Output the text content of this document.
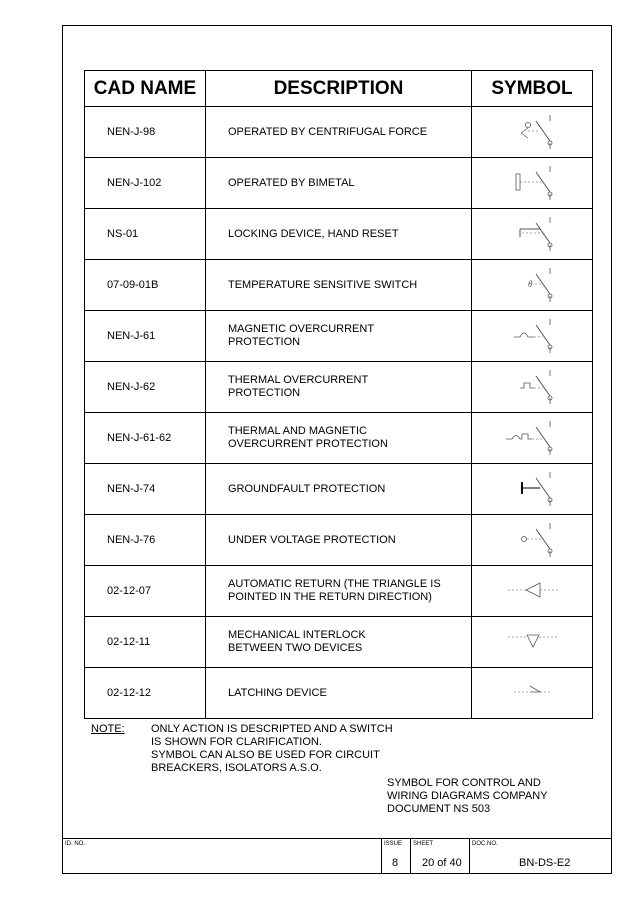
CAD NAME	DESCRIPTION	SYMBOL
NEN-J-98	OPERATED BY CENTRIFUGAL FORCE

NEN-J-102	OPERATED BY BIMETAL

NS-01	LOCKING DEVICE, HAND RESET

07-09-01B	TEMPERATURE SENSITIVE SWITCH	θ

NEN-J-61	MAGNETIC OVERCURRENT
PROTECTION

NEN-J-62	THERMAL OVERCURRENT
PROTECTION

NEN-J-61-62	THERMAL AND MAGNETIC
OVERCURRENT PROTECTION

NEN-J-74	GROUNDFAULT PROTECTION

NEN-J-76	UNDER VOLTAGE PROTECTION

02-12-07	AUTOMATIC RETURN (THE TRIANGLE IS
POINTED IN THE RETURN DIRECTION)

02-12-11	MECHANICAL INTERLOCK
BETWEEN TWO DEVICES

02-12-12	LATCHING DEVICE

NOTE: ONLY ACTION IS DESCRIPTED AND A SWITCH
IS SHOWN FOR CLARIFICATION.
SYMBOL CAN ALSO BE USED FOR CIRCUIT
BREACKERS, ISOLATORS A.S.O.
SYMBOL FOR CONTROL AND
WIRING DIAGRAMS COMPANY
DOCUMENT NS 503
ID. NO.	ISSUE SHEET	DOC.NO.
8 20 of 40	BN-DS-E2
